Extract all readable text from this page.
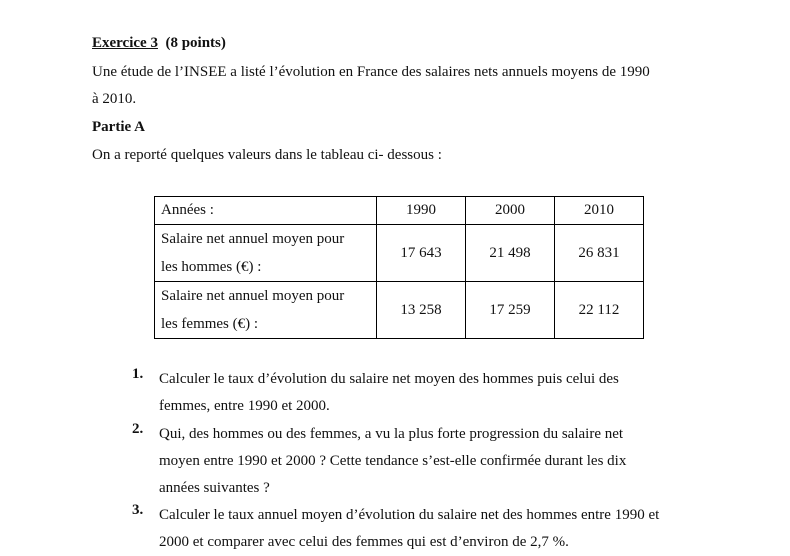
Exercice 3 (8 points)
Une étude de l’INSEE a listé l’évolution en France des salaires nets annuels moyens de 1990
à 2010.
Partie A
On a reporté quelques valeurs dans le tableau ci- dessous :
Années :	1990	2000	2010

Salaire net annuel moyen pour
les hommes (€) :	17 643	21 498	26 831

Salaire net annuel moyen pour
les femmes (€) :	13 258	17 259	22 112
1.	Calculer le taux d’évolution du salaire net moyen des hommes puis celui des
femmes, entre 1990 et 2000.
2.	Qui, des hommes ou des femmes, a vu la plus forte progression du salaire net
moyen entre 1990 et 2000 ? Cette tendance s’est-elle confirmée durant les dix
années suivantes ?
3.	Calculer le taux annuel moyen d’évolution du salaire net des hommes entre 1990 et
2000 et comparer avec celui des femmes qui est d’environ de 2,7 %.
